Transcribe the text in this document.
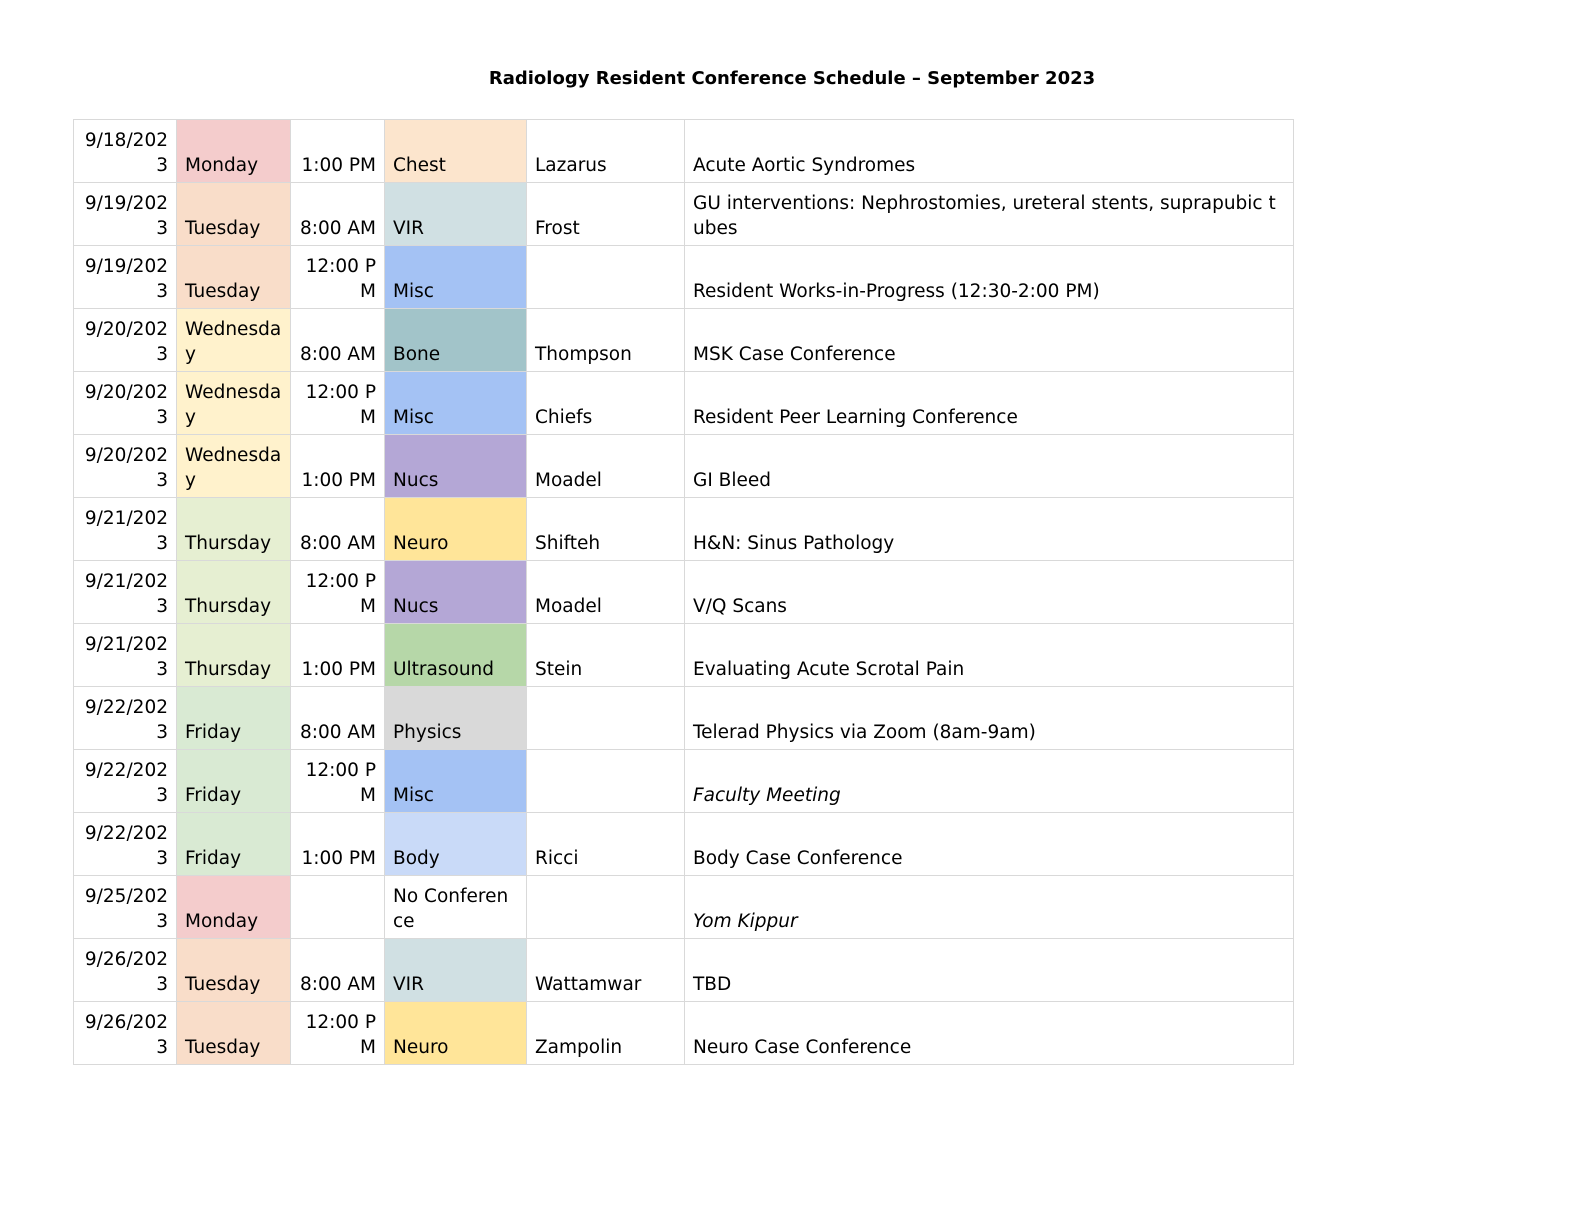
Radiology Resident Conference Schedule – September 2023
9/18/2023	Monday	1:00 PM	Chest	Lazarus	Acute Aortic Syndromes
9/19/2023	Tuesday	8:00 AM	VIR	Frost	GU interventions: Nephrostomies, ureteral stents, suprapubic tubes
9/19/2023	Tuesday	12:00 PM	Misc		Resident Works-in-Progress (12:30-2:00 PM)
9/20/2023	Wednesday	8:00 AM	Bone	Thompson	MSK Case Conference
9/20/2023	Wednesday	12:00 PM	Misc	Chiefs	Resident Peer Learning Conference
9/20/2023	Wednesday	1:00 PM	Nucs	Moadel	GI Bleed
9/21/2023	Thursday	8:00 AM	Neuro	Shifteh	H&N: Sinus Pathology
9/21/2023	Thursday	12:00 PM	Nucs	Moadel	V/Q Scans
9/21/2023	Thursday	1:00 PM	Ultrasound	Stein	Evaluating Acute Scrotal Pain
9/22/2023	Friday	8:00 AM	Physics		Telerad Physics via Zoom (8am-9am)
9/22/2023	Friday	12:00 PM	Misc		Faculty Meeting
9/22/2023	Friday	1:00 PM	Body	Ricci	Body Case Conference
9/25/2023	Monday		No Conference		Yom Kippur
9/26/2023	Tuesday	8:00 AM	VIR	Wattamwar	TBD
9/26/2023	Tuesday	12:00 PM	Neuro	Zampolin	Neuro Case Conference
